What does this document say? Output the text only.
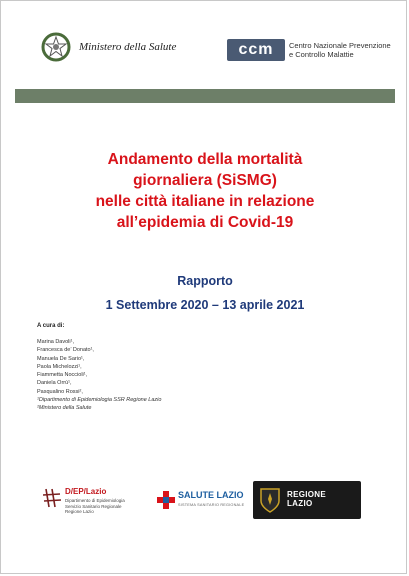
Ministero della Salute	ccm	Centro Nazionale Prevenzione
e Controllo Malattie
Andamento della mortalità
giornaliera (SiSMG)
nelle città italiane in relazione
all’epidemia di Covid-19
Rapporto
1 Settembre 2020 – 13 aprile 2021
A cura di:
Marina Davoli¹,
Francesca de’ Donato¹,
Manuela De Sario¹,
Paola Michelozzi¹,
Fiammetta Noccioli¹,
Daniela Orrù¹,
Pasqualino Rossi²,
¹Dipartimento di Epidemiologia SSR Regione Lazio
²Ministero della Salute
D/EP/Lazio
Dipartimento di Epidemiologia
Servizio Sanitario Regionale
Regione Lazio
SALUTE LAZIO
SISTEMA SANITARIO REGIONALE
REGIONE
LAZIO
